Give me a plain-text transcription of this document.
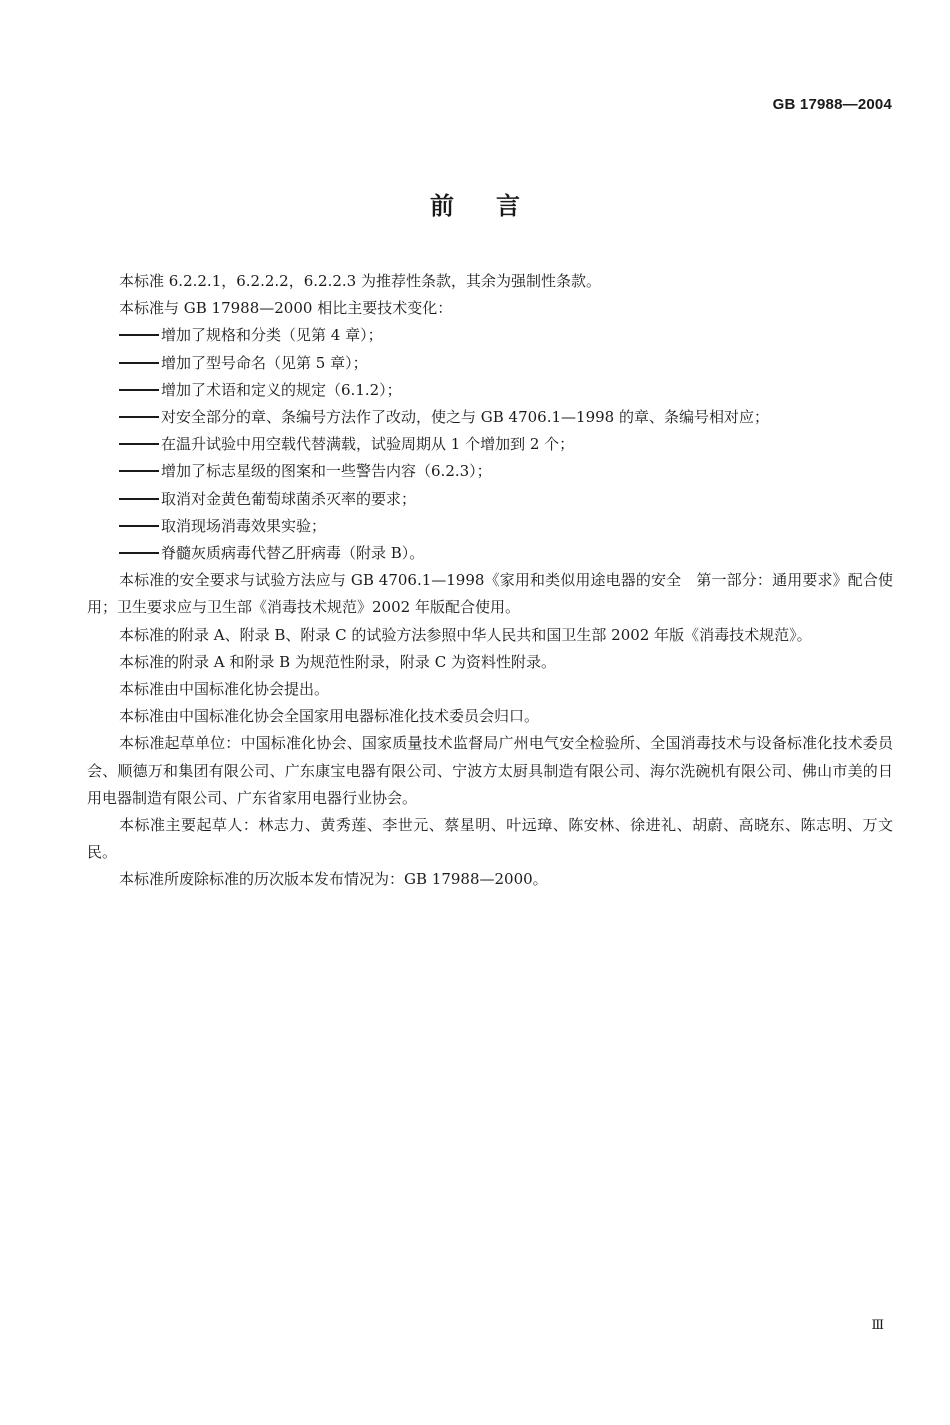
GB 17988—2004
前言

本标准 6.2.2.1，6.2.2.2，6.2.2.3 为推荐性条款，其余为强制性条款。

本标准与 GB 17988—2000 相比主要技术变化：

增加了规格和分类（见第 4 章）；

增加了型号命名（见第 5 章）；

增加了术语和定义的规定（6.1.2）；

对安全部分的章、条编号方法作了改动，使之与 GB 4706.1—1998 的章、条编号相对应；

在温升试验中用空载代替满载，试验周期从 1 个增加到 2 个；

增加了标志星级的图案和一些警告内容（6.2.3）；

取消对金黄色葡萄球菌杀灭率的要求；

取消现场消毒效果实验；

脊髓灰质病毒代替乙肝病毒（附录 B）。

本标准的安全要求与试验方法应与 GB 4706.1—1998《家用和类似用途电器的安全　第一部分：通用要求》配合使用；卫生要求应与卫生部《消毒技术规范》2002 年版配合使用。

本标准的附录 A、附录 B、附录 C 的试验方法参照中华人民共和国卫生部 2002 年版《消毒技术规范》。

本标准的附录 A 和附录 B 为规范性附录，附录 C 为资料性附录。

本标准由中国标准化协会提出。

本标准由中国标准化协会全国家用电器标准化技术委员会归口。

本标准起草单位：中国标准化协会、国家质量技术监督局广州电气安全检验所、全国消毒技术与设备标准化技术委员会、顺德万和集团有限公司、广东康宝电器有限公司、宁波方太厨具制造有限公司、海尔洗碗机有限公司、佛山市美的日用电器制造有限公司、广东省家用电器行业协会。

本标准主要起草人：林志力、黄秀莲、李世元、蔡星明、叶远璋、陈安林、徐进礼、胡蔚、高晓东、陈志明、万文民。

本标准所废除标准的历次版本发布情况为：GB 17988—2000。

Ⅲ
